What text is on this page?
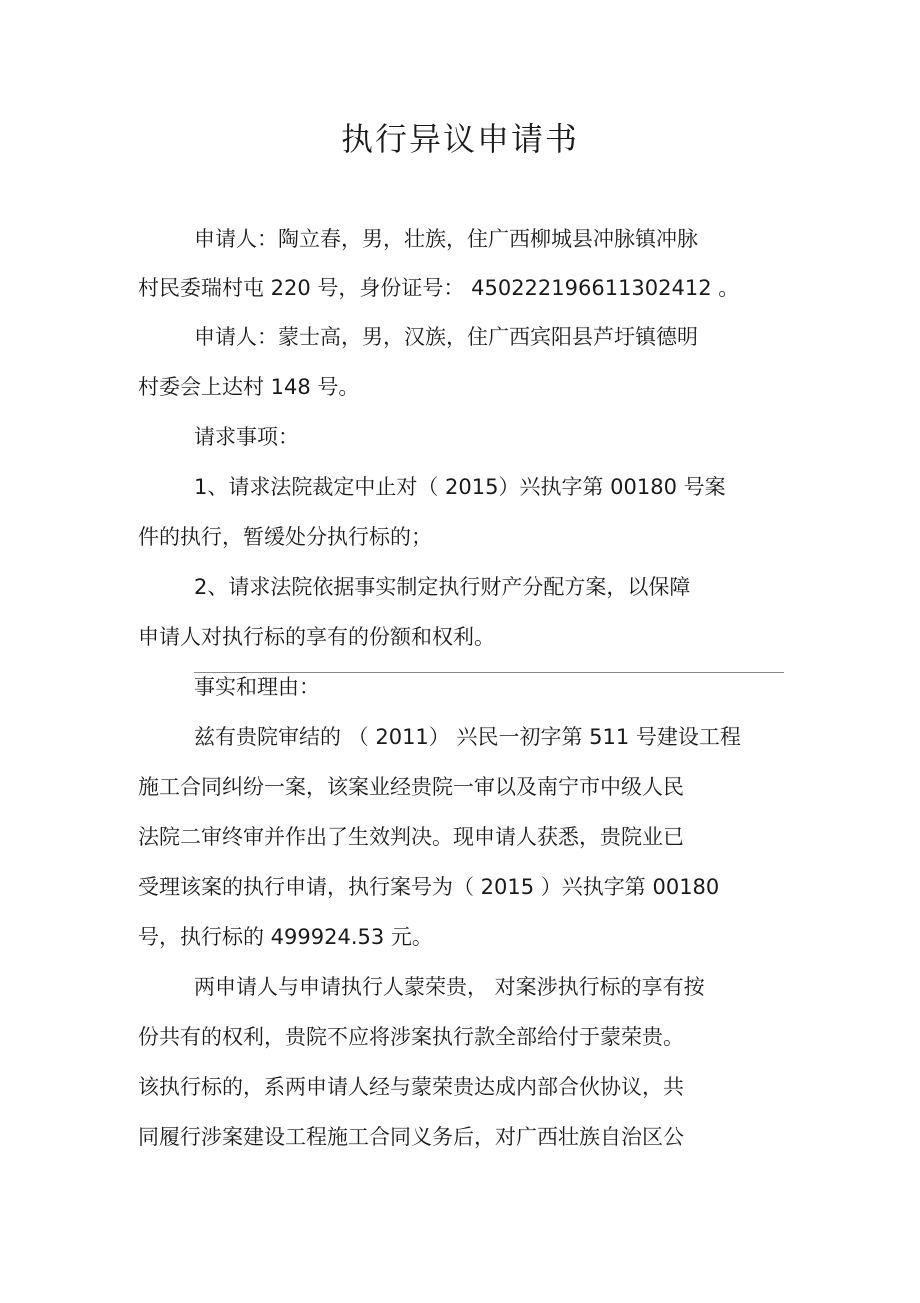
执行异议申请书
申请人：陶立春，男，壮族，住广西柳城县冲脉镇冲脉
村民委瑞村屯 220 号，身份证号： 450222196611302412 。
申请人：蒙士高，男，汉族，住广西宾阳县芦圩镇德明
村委会上达村 148 号。
请求事项：
1、请求法院裁定中止对（ 2015）兴执字第 00180 号案
件的执行，暂缓处分执行标的；
2、请求法院依据事实制定执行财产分配方案，以保障
申请人对执行标的享有的份额和权利。
事实和理由：
兹有贵院审结的 （ 2011） 兴民一初字第 511 号建设工程
施工合同纠纷一案，该案业经贵院一审以及南宁市中级人民
法院二审终审并作出了生效判决。现申请人获悉，贵院业已
受理该案的执行申请，执行案号为（ 2015 ）兴执字第 00180
号，执行标的 499924.53 元。
两申请人与申请执行人蒙荣贵， 对案涉执行标的享有按
份共有的权利，贵院不应将涉案执行款全部给付于蒙荣贵。
该执行标的，系两申请人经与蒙荣贵达成内部合伙协议，共
同履行涉案建设工程施工合同义务后，对广西壮族自治区公
